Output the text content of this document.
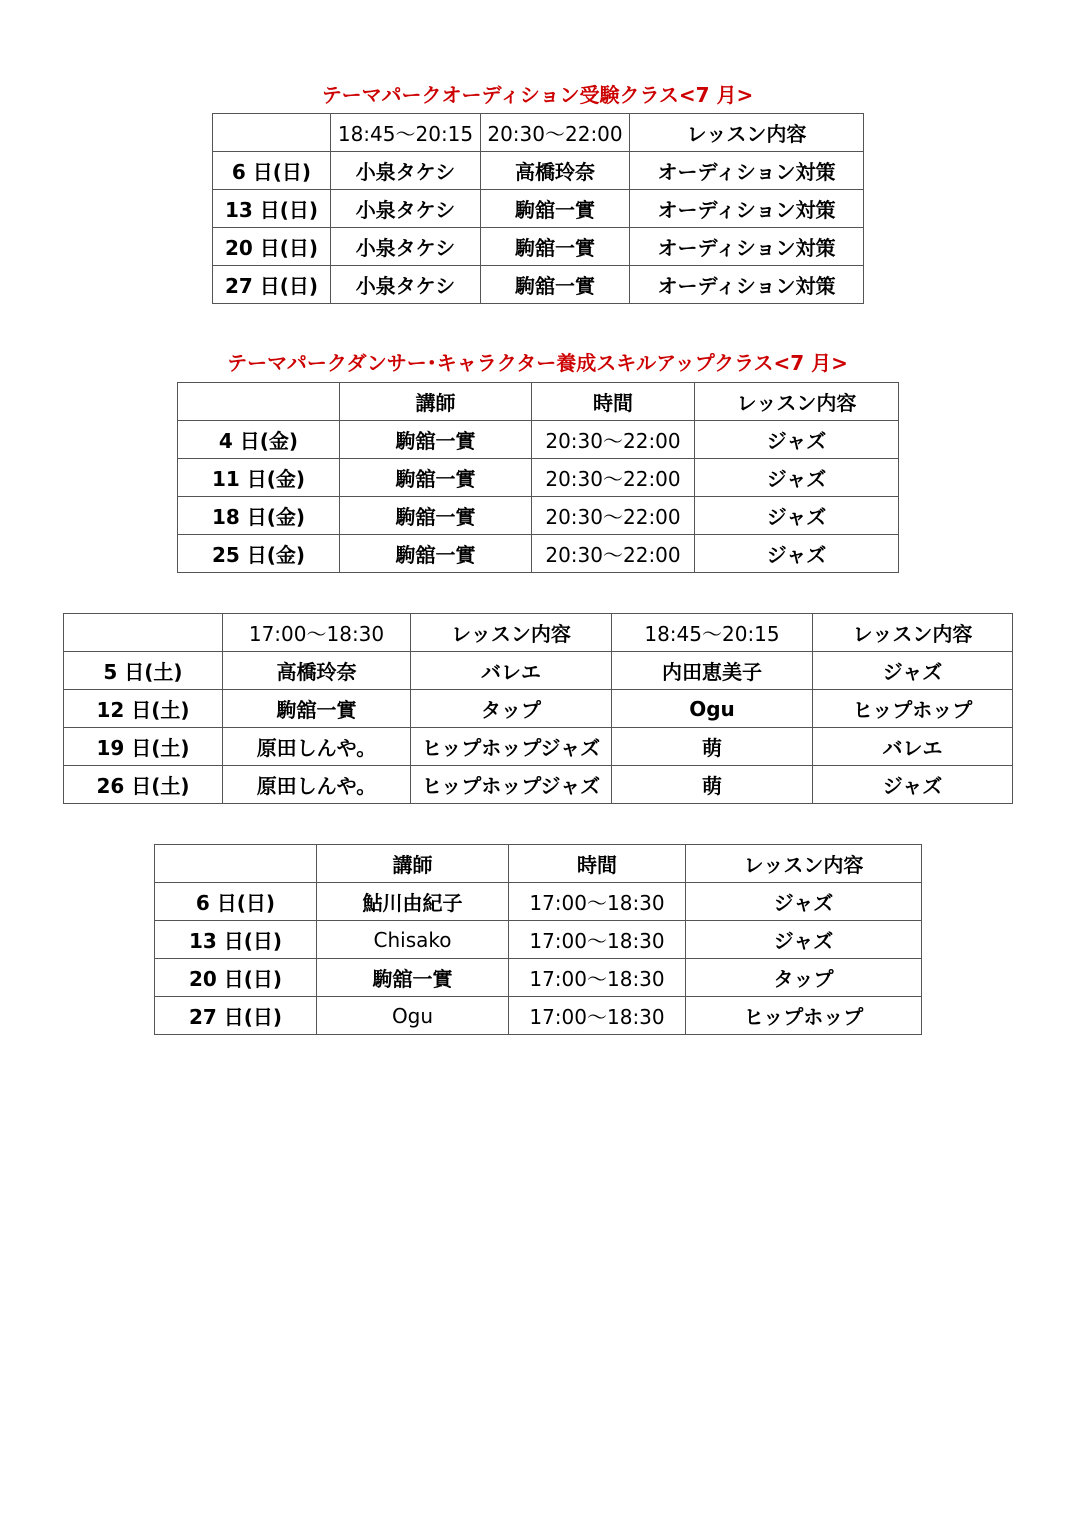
テーマパークオーディション受験クラス<7 月>
	18:45～20:15	20:30～22:00	レッスン内容
6 日(日)	小泉タケシ	高橋玲奈	オーディション対策
13 日(日)	小泉タケシ	駒舘一實	オーディション対策
20 日(日)	小泉タケシ	駒舘一實	オーディション対策
27 日(日)	小泉タケシ	駒舘一實	オーディション対策
テーマパークダンサー･キャラクター養成スキルアップクラス<7 月>
	講師	時間	レッスン内容
4 日(金)	駒舘一實	20:30～22:00	ジャズ
11 日(金)	駒舘一實	20:30～22:00	ジャズ
18 日(金)	駒舘一實	20:30～22:00	ジャズ
25 日(金)	駒舘一實	20:30～22:00	ジャズ
	17:00～18:30	レッスン内容	18:45～20:15	レッスン内容
5 日(土)	高橋玲奈	バレエ	内田恵美子	ジャズ
12 日(土)	駒舘一實	タップ	Ogu	ヒップホップ
19 日(土)	原田しんや。	ヒップホップジャズ	萌	バレエ
26 日(土)	原田しんや。	ヒップホップジャズ	萌	ジャズ
	講師	時間	レッスン内容
6 日(日)	鮎川由紀子	17:00～18:30	ジャズ
13 日(日)	Chisako	17:00～18:30	ジャズ
20 日(日)	駒舘一實	17:00～18:30	タップ
27 日(日)	Ogu	17:00～18:30	ヒップホップ
